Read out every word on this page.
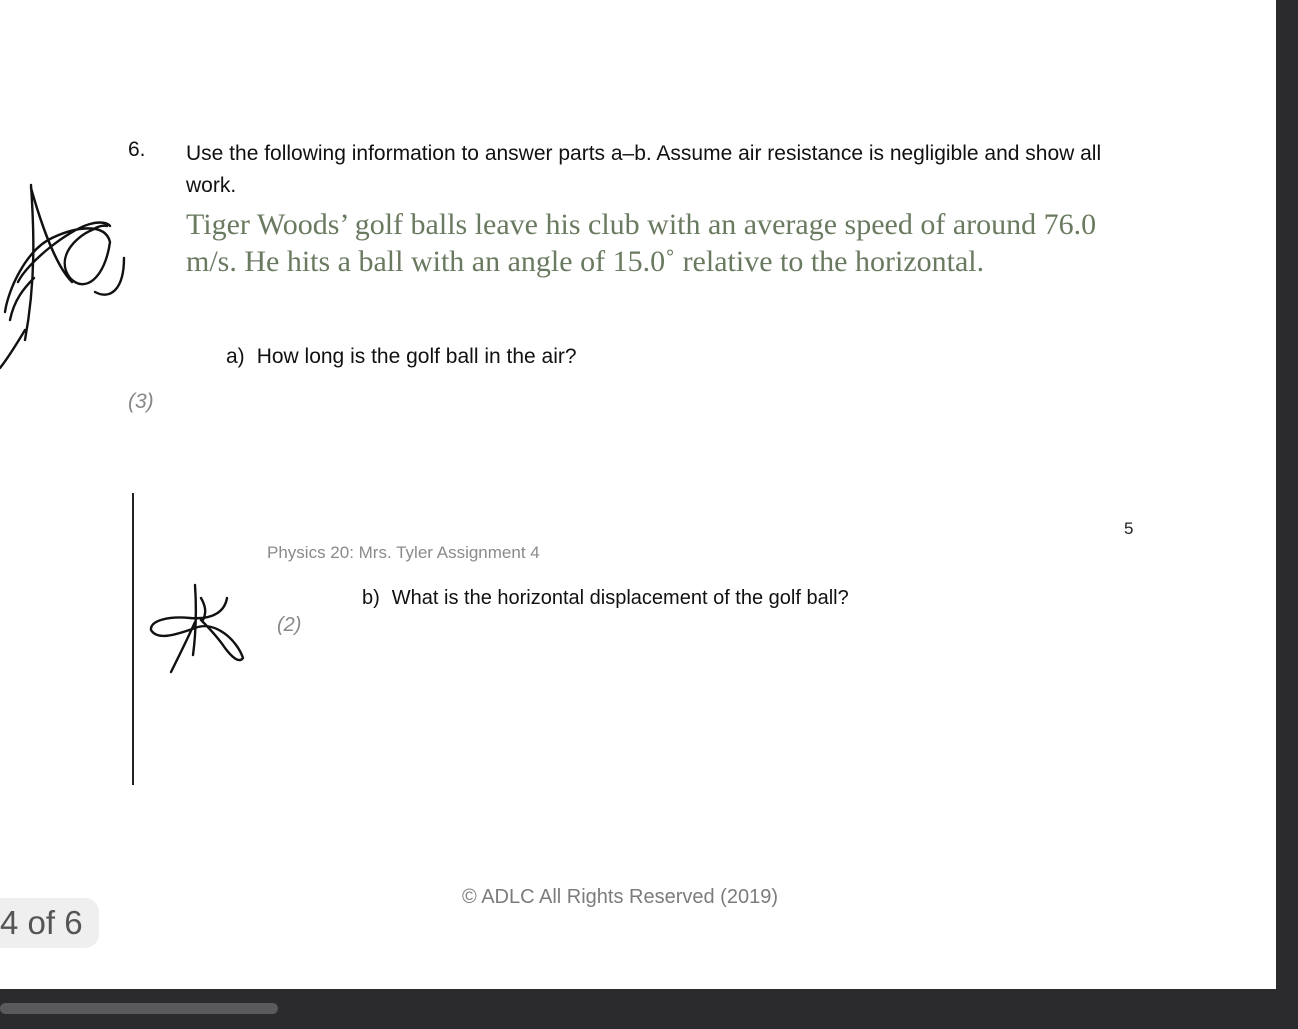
6. Use the following information to answer parts a–b. Assume air resistance is negligible and show all work.
Tiger Woods’ golf balls leave his club with an average speed of around 76.0 m/s. He hits a ball with an angle of 15.0˚ relative to the horizontal.
(3)
a) How long is the golf ball in the air?
5
Physics 20: Mrs. Tyler Assignment 4
(2)
b) What is the horizontal displacement of the golf ball?
© ADLC All Rights Reserved (2019)
4 of 6
